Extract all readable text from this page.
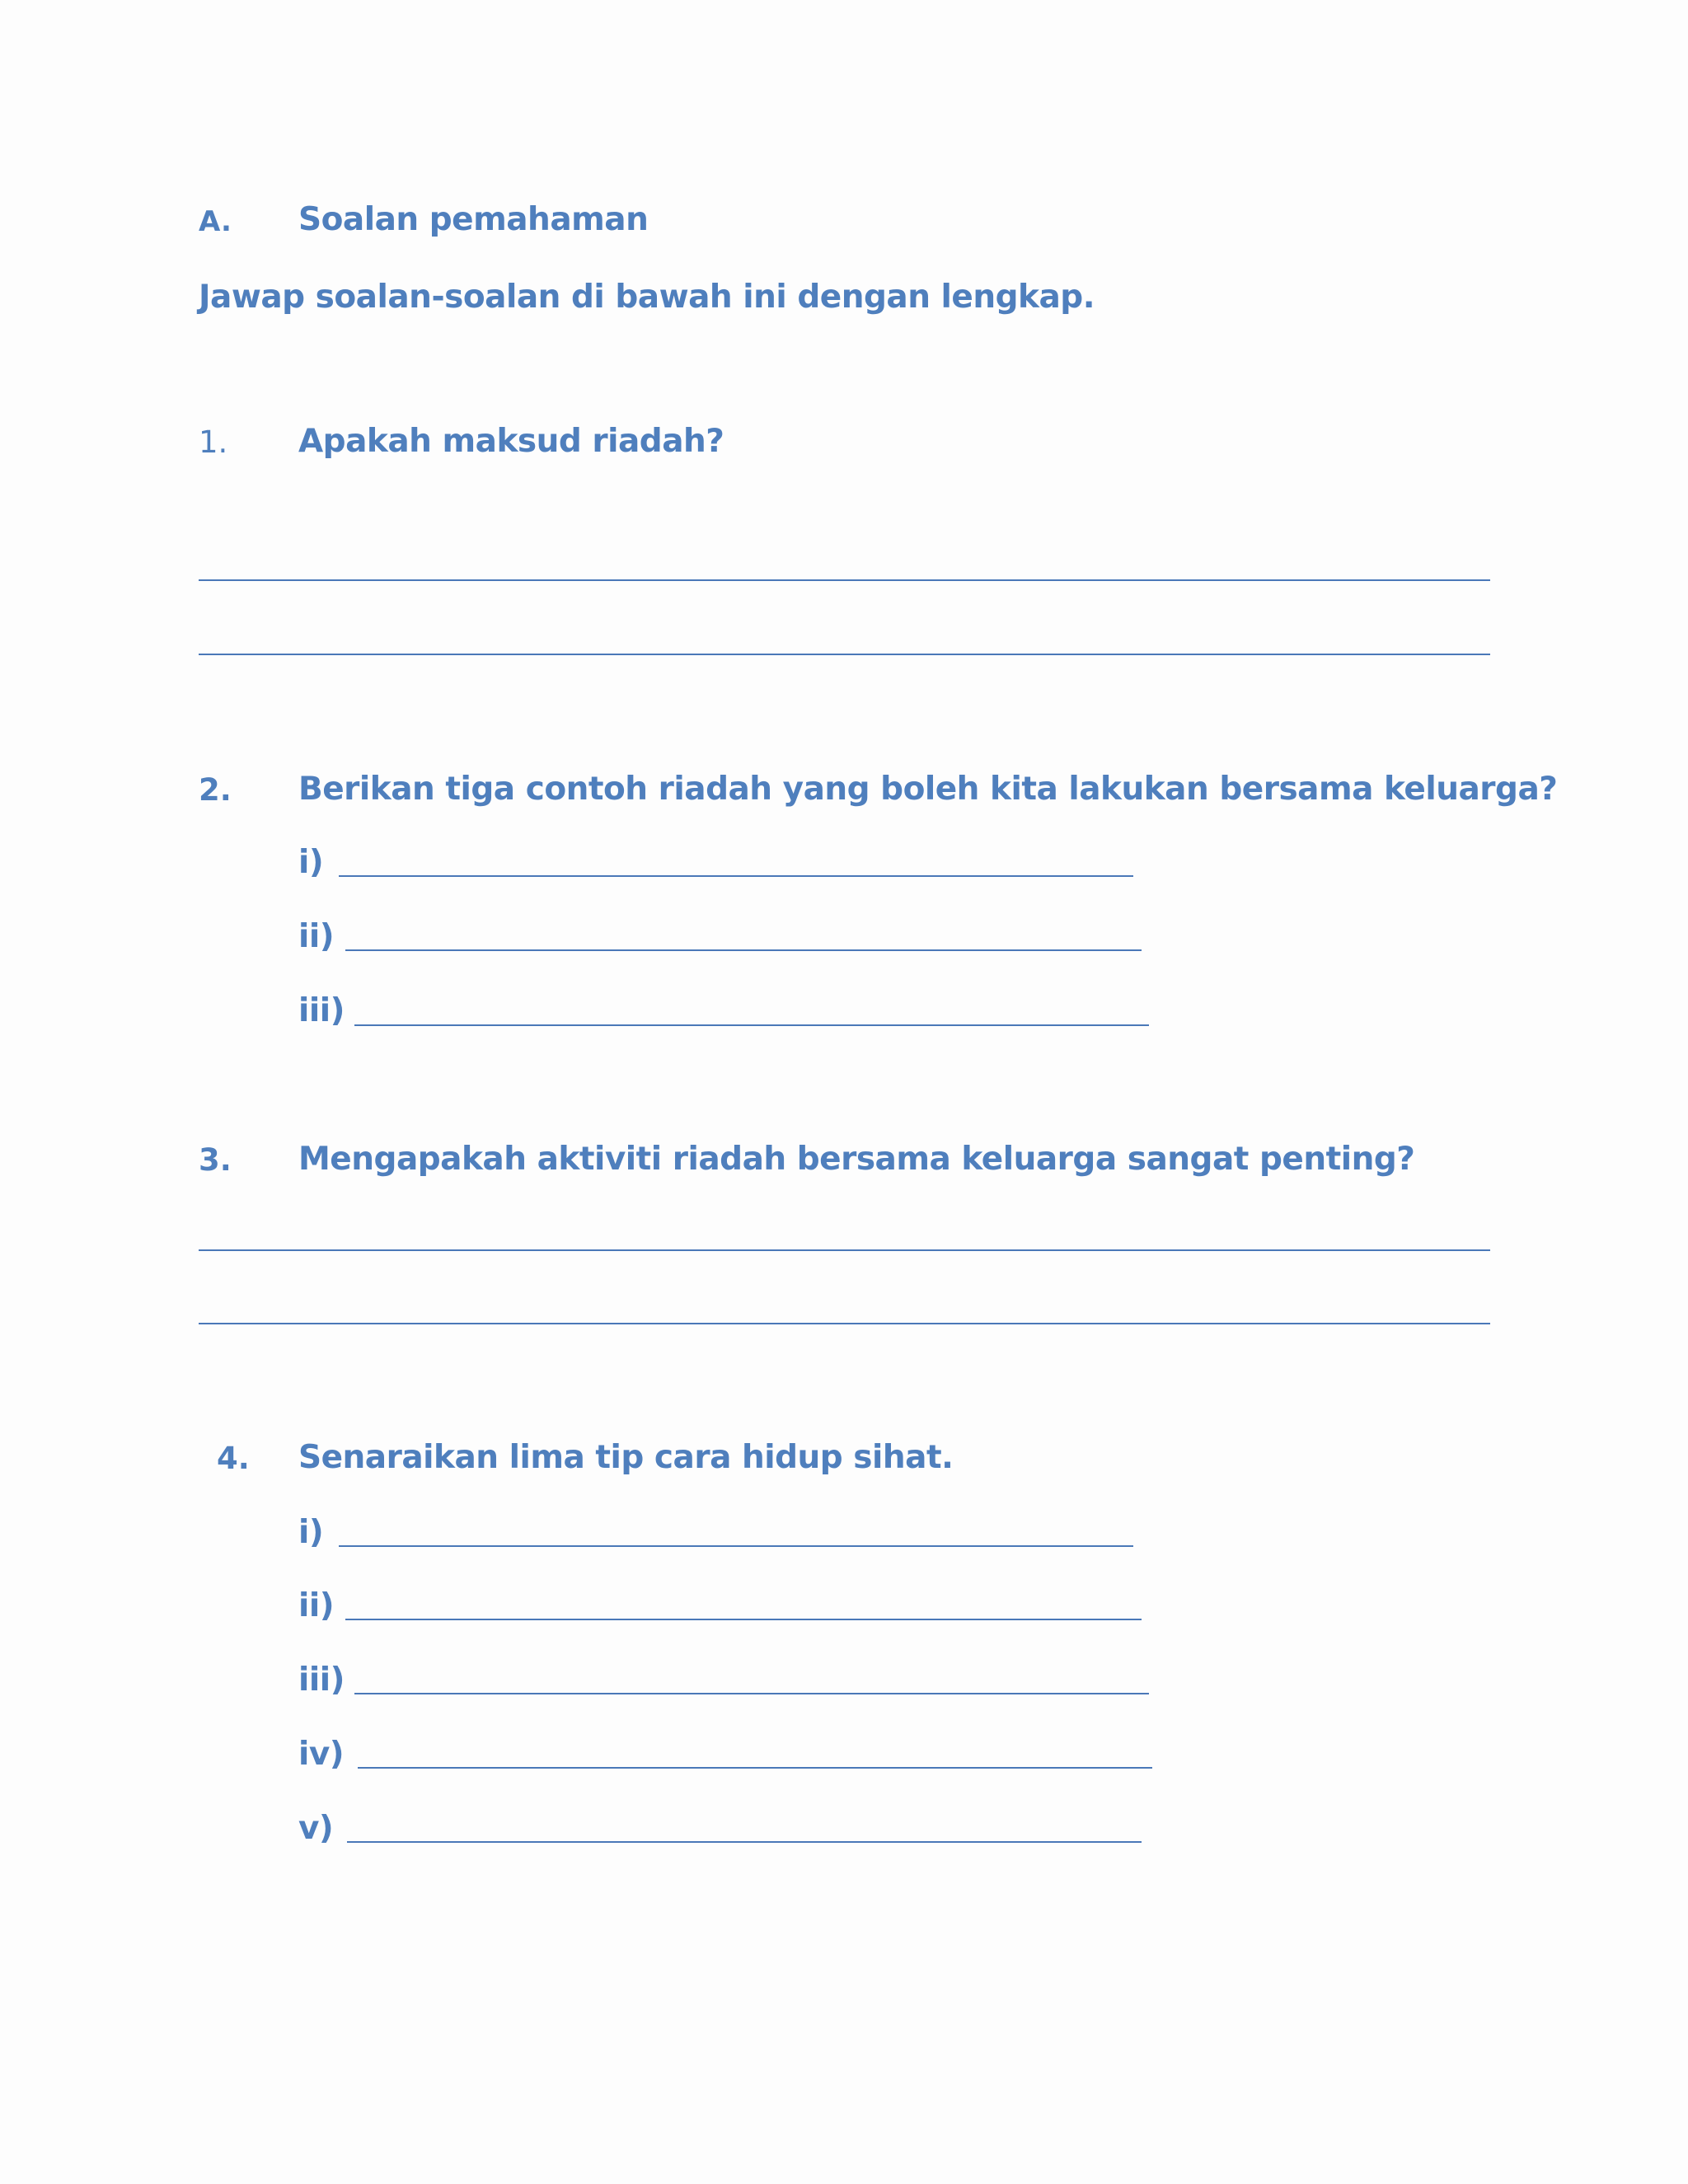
A. Soalan pemahaman
Jawap soalan-soalan di bawah ini dengan lengkap.
1. Apakah maksud riadah?
2. Berikan tiga contoh riadah yang boleh kita lakukan bersama keluarga?
i)
ii)
iii)
3. Mengapakah aktiviti riadah bersama keluarga sangat penting?
4. Senaraikan lima tip cara hidup sihat.
i)
ii)
iii)
iv)
v)
